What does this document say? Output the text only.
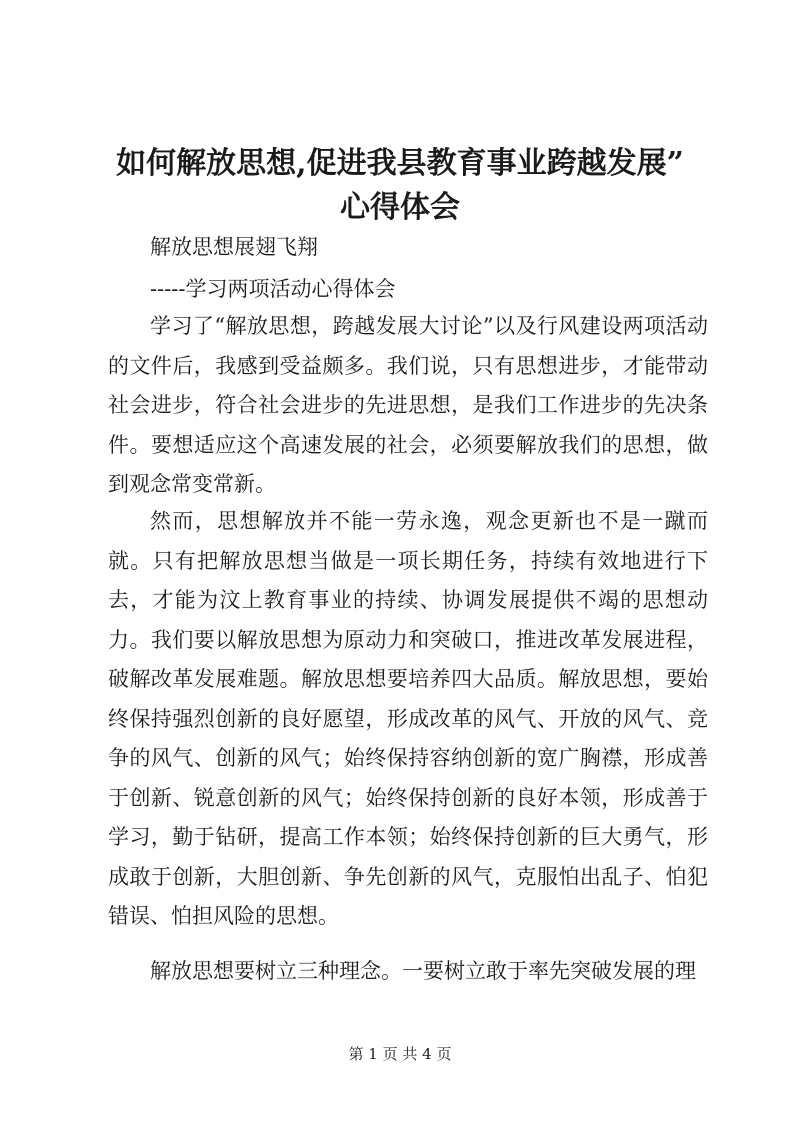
如何解放思想,促进我县教育事业跨越发展”
心得体会
解放思想展翅飞翔
-----学习两项活动心得体会

学习了“解放思想，跨越发展大讨论”以及行风建设两项活动的文件后，我感到受益颇多。我们说，只有思想进步，才能带动社会进步，符合社会进步的先进思想，是我们工作进步的先决条件。要想适应这个高速发展的社会，必须要解放我们的思想，做到观念常变常新。

然而，思想解放并不能一劳永逸，观念更新也不是一蹴而就。只有把解放思想当做是一项长期任务，持续有效地进行下去，才能为汶上教育事业的持续、协调发展提供不竭的思想动力。我们要以解放思想为原动力和突破口，推进改革发展进程，破解改革发展难题。解放思想要培养四大品质。解放思想，要始终保持强烈创新的良好愿望，形成改革的风气、开放的风气、竞争的风气、创新的风气；始终保持容纳创新的宽广胸襟，形成善于创新、锐意创新的风气；始终保持创新的良好本领，形成善于学习，勤于钻研，提高工作本领；始终保持创新的巨大勇气，形成敢于创新，大胆创新、争先创新的风气，克服怕出乱子、怕犯错误、怕担风险的思想。

解放思想要树立三种理念。一要树立敢于率先突破发展的理

第 1 页 共 4 页
